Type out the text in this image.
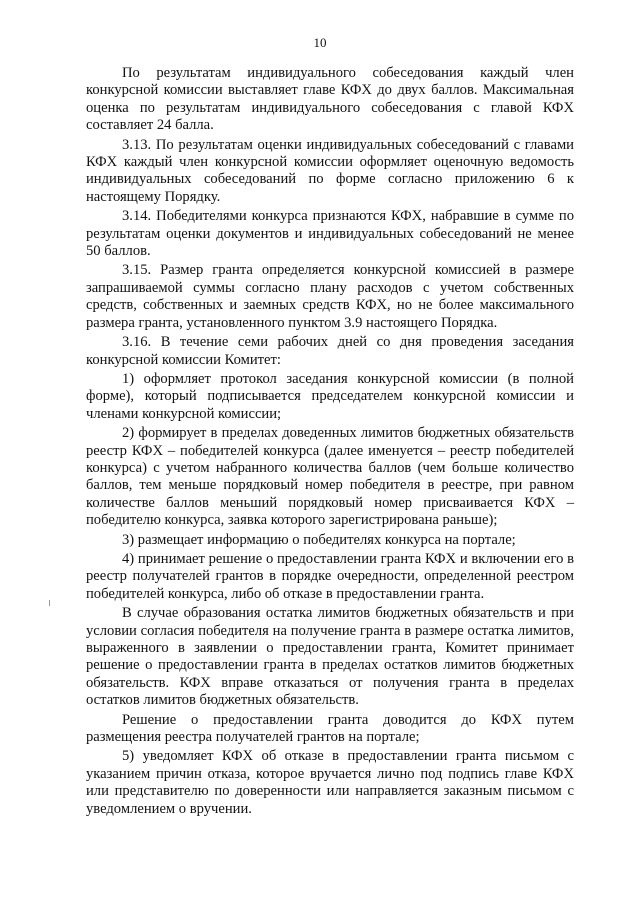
10

По результатам индивидуального собеседования каждый член конкурсной комиссии выставляет главе КФХ до двух баллов. Максимальная оценка по результатам индивидуального собеседования с главой КФХ составляет 24 балла.

3.13. По результатам оценки индивидуальных собеседований с главами КФХ каждый член конкурсной комиссии оформляет оценочную ведомость индивидуальных собеседований по форме согласно приложению 6 к настоящему Порядку.

3.14. Победителями конкурса признаются КФХ, набравшие в сумме по результатам оценки документов и индивидуальных собеседований не менее 50 баллов.

3.15. Размер гранта определяется конкурсной комиссией в размере запрашиваемой суммы согласно плану расходов с учетом собственных средств, собственных и заемных средств КФХ, но не более максимального размера гранта, установленного пунктом 3.9 настоящего Порядка.

3.16. В течение семи рабочих дней со дня проведения заседания конкурсной комиссии Комитет:

1) оформляет протокол заседания конкурсной комиссии (в полной форме), который подписывается председателем конкурсной комиссии и членами конкурсной комиссии;

2) формирует в пределах доведенных лимитов бюджетных обязательств реестр КФХ – победителей конкурса (далее именуется – реестр победителей конкурса) с учетом набранного количества баллов (чем больше количество баллов, тем меньше порядковый номер победителя в реестре, при равном количестве баллов меньший порядковый номер присваивается КФХ – победителю конкурса, заявка которого зарегистрирована раньше);

3) размещает информацию о победителях конкурса на портале;

4) принимает решение о предоставлении гранта КФХ и включении его в реестр получателей грантов в порядке очередности, определенной реестром победителей конкурса, либо об отказе в предоставлении гранта.

В случае образования остатка лимитов бюджетных обязательств и при условии согласия победителя на получение гранта в размере остатка лимитов, выраженного в заявлении о предоставлении гранта, Комитет принимает решение о предоставлении гранта в пределах остатков лимитов бюджетных обязательств. КФХ вправе отказаться от получения гранта в пределах остатков лимитов бюджетных обязательств.

Решение о предоставлении гранта доводится до КФХ путем размещения реестра получателей грантов на портале;

5) уведомляет КФХ об отказе в предоставлении гранта письмом с указанием причин отказа, которое вручается лично под подпись главе КФХ или представителю по доверенности или направляется заказным письмом с уведомлением о вручении.
